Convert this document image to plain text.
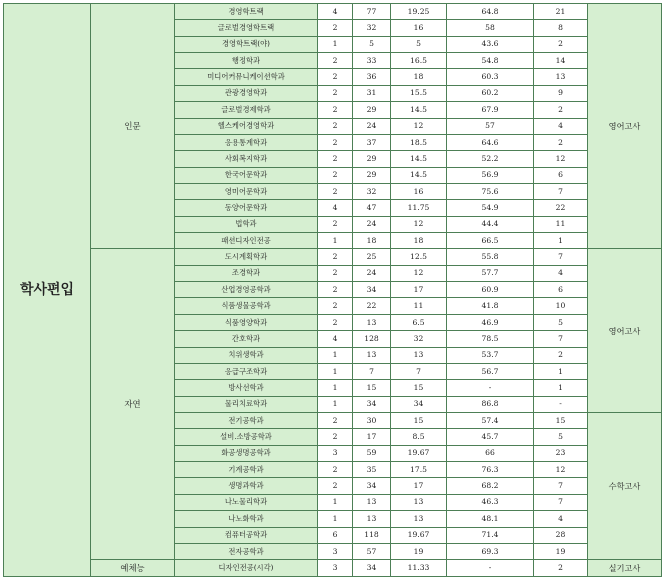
학사편입	인문	경영학트랙	4	77	19.25	64.8	21	영어고사
		글로벌경영학트랙	2	32	16	58	8	
		경영학트랙(야)	1	5	5	43.6	2	
		행정학과	2	33	16.5	54.8	14	
		미디어커뮤니케이션학과	2	36	18	60.3	13	
		관광경영학과	2	31	15.5	60.2	9	
		글로벌경제학과	2	29	14.5	67.9	2	
		헬스케어경영학과	2	24	12	57	4	
		응용통계학과	2	37	18.5	64.6	2	
		사회복지학과	2	29	14.5	52.2	12	
		한국어문학과	2	29	14.5	56.9	6	
		영미어문학과	2	32	16	75.6	7	
		동양어문학과	4	47	11.75	54.9	22	
		법학과	2	24	12	44.4	11	
		패션디자인전공	1	18	18	66.5	1	
	자연	도시계획학과	2	25	12.5	55.8	7	영어고사
		조경학과	2	24	12	57.7	4	
		산업경영공학과	2	34	17	60.9	6	
		식품생물공학과	2	22	11	41.8	10	
		식품영양학과	2	13	6.5	46.9	5	
		간호학과	4	128	32	78.5	7	
		치위생학과	1	13	13	53.7	2	
		응급구조학과	1	7	7	56.7	1	
		방사선학과	1	15	15	-	1	
		물리치료학과	1	34	34	86.8	-	
		전기공학과	2	30	15	57.4	15	수학고사
		설비.소방공학과	2	17	8.5	45.7	5	
		화공생명공학과	3	59	19.67	66	23	
		기계공학과	2	35	17.5	76.3	12	
		생명과학과	2	34	17	68.2	7	
		나노물리학과	1	13	13	46.3	7	
		나노화학과	1	13	13	48.1	4	
		컴퓨터공학과	6	118	19.67	71.4	28	
		전자공학과	3	57	19	69.3	19	
	예체능	디자인전공(시각)	3	34	11.33	-	2	실기고사
